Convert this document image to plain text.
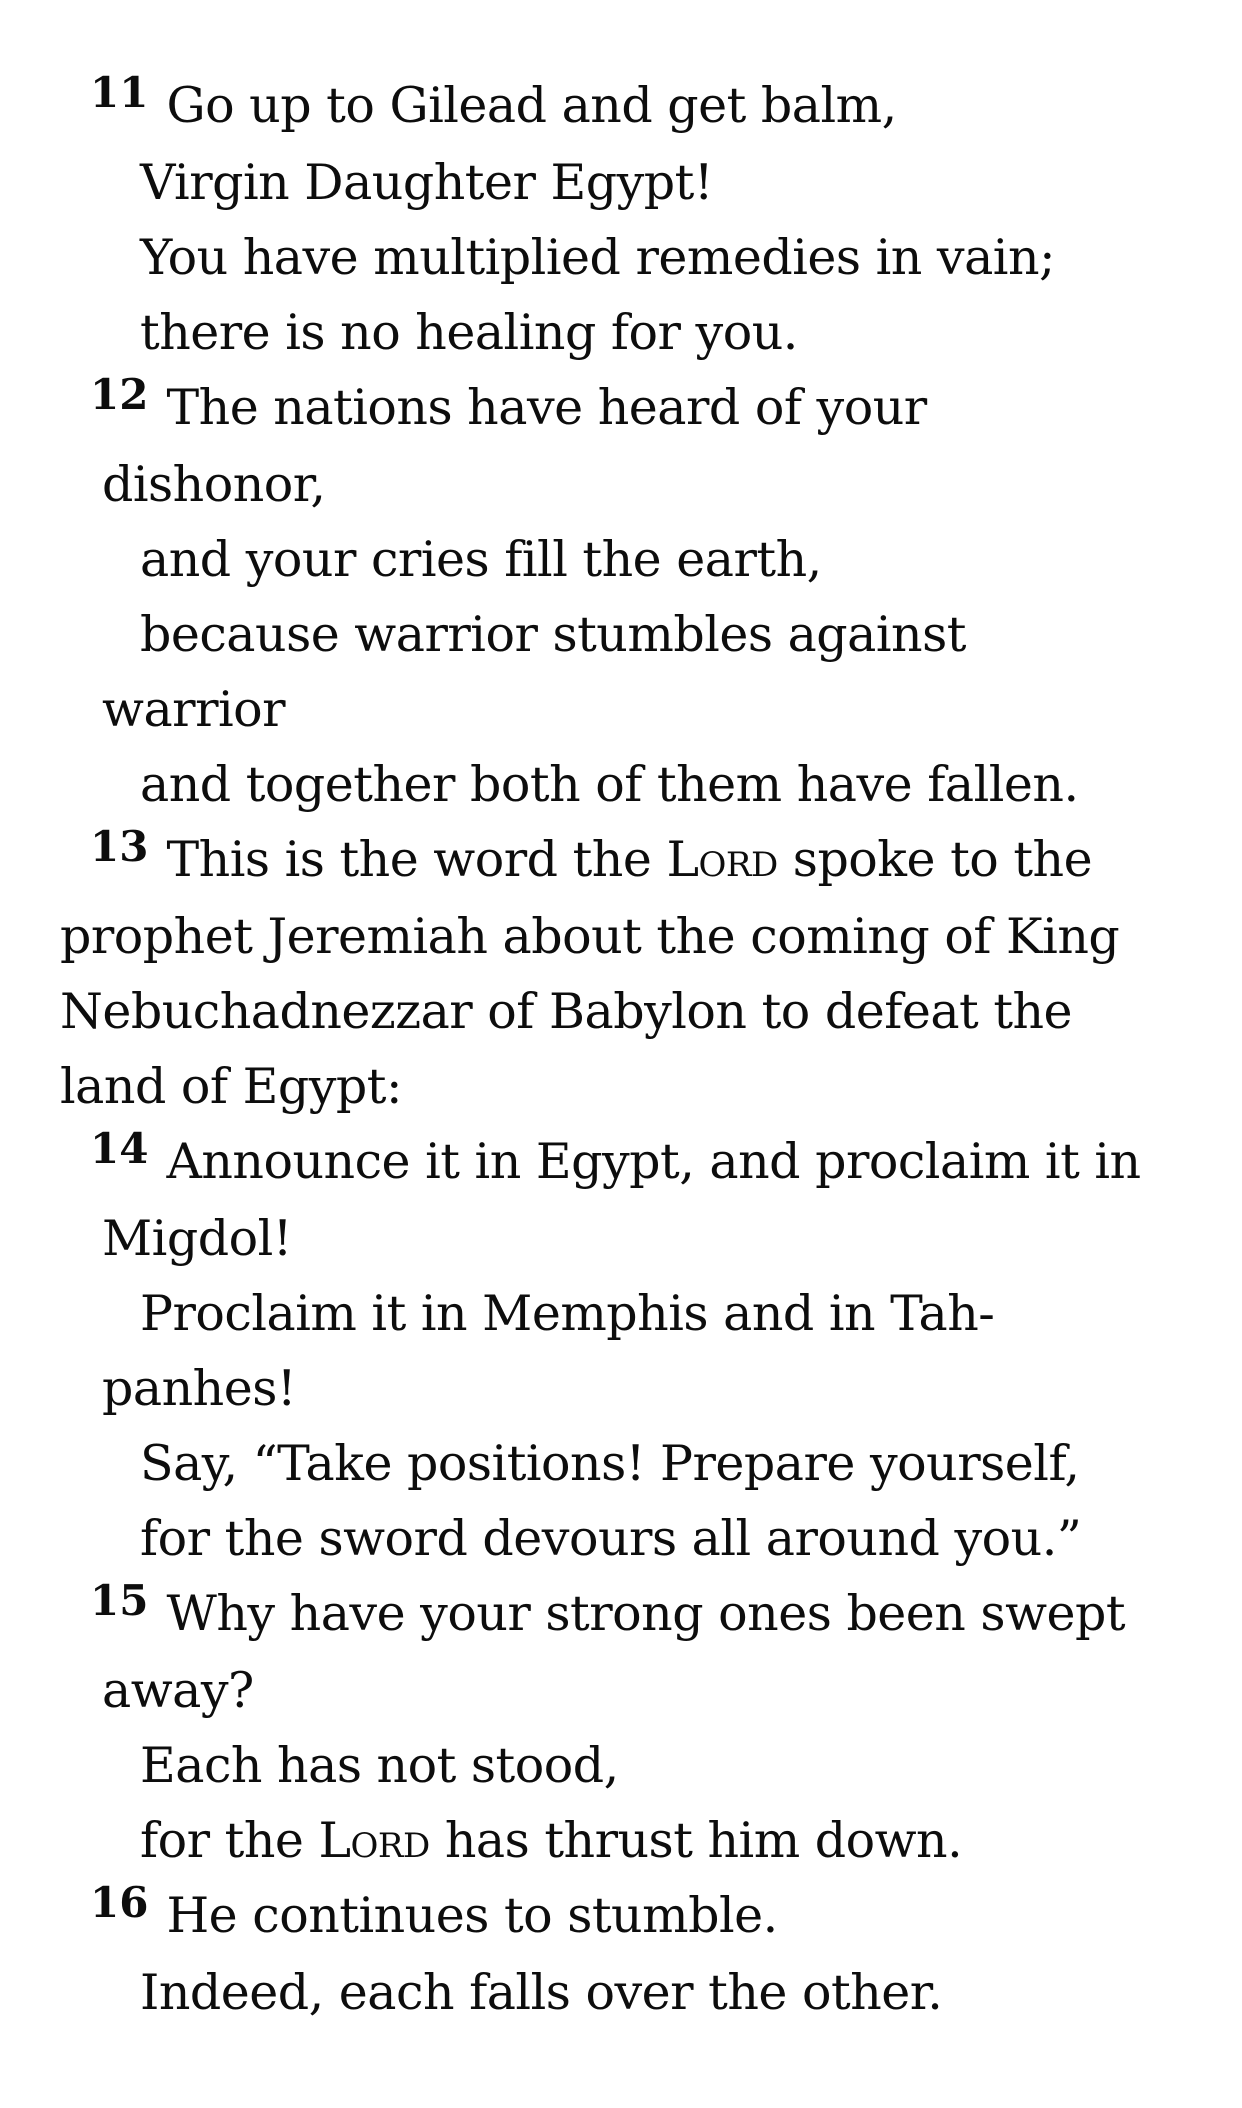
11 Go up to Gilead and get balm,
Virgin Daughter Egypt!
You have multiplied remedies in vain;
there is no healing for you.
12 The nations have heard of your
dishonor,
and your cries fill the earth,
because warrior stumbles against
warrior
and together both of them have fallen.
13 This is the word the Lord spoke to the
prophet Jeremiah about the coming of King
Nebuchadnezzar of Babylon to defeat the
land of Egypt:
14 Announce it in Egypt, and proclaim it in
Migdol!
Proclaim it in Memphis and in Tah-
panhes!
Say, “Take positions! Prepare yourself,
for the sword devours all around you.”
15 Why have your strong ones been swept
away?
Each has not stood,
for the Lord has thrust him down.
16 He continues to stumble.
Indeed, each falls over the other.
